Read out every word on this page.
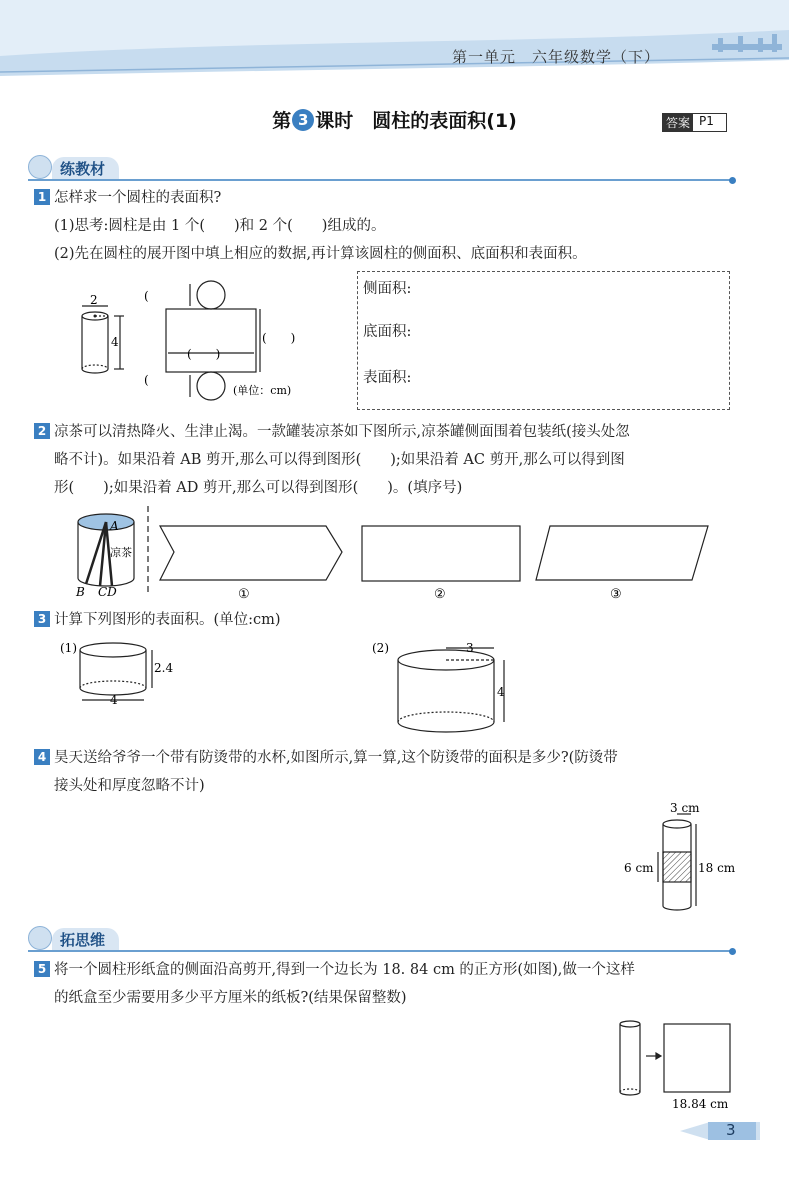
第一单元　六年级数学（下）
第 3 课时　圆柱的表面积(1)	答案 P1
练教材
1 怎样求一个圆柱的表面积?
(1)思考:圆柱是由 1 个(　　)和 2 个(　　)组成的。
(2)先在圆柱的展开图中填上相应的数据,再计算该圆柱的侧面积、底面积和表面积。
2
4
(
(
(　　)
(　　)
(单位：cm)
侧面积:
底面积:
表面积:
2 凉茶可以清热降火、生津止渴。一款罐装凉茶如下图所示,凉茶罐侧面围着包装纸(接头处忽
略不计)。如果沿着 AB 剪开,那么可以得到图形(　　);如果沿着 AC 剪开,那么可以得到图
形(　　);如果沿着 AD 剪开,那么可以得到图形(　　)。(填序号)
A
凉茶
B CD	①	②	③
3 计算下列图形的表面积。(单位:cm)
(1)
2.4
4
(2)	3
4
4 昊天送给爷爷一个带有防烫带的水杯,如图所示,算一算,这个防烫带的面积是多少?(防烫带
接头处和厚度忽略不计)
3 cm
6 cm	18 cm
拓思维
5 将一个圆柱形纸盒的侧面沿高剪开,得到一个边长为 18. 84 cm 的正方形(如图),做一个这样
的纸盒至少需要用多少平方厘米的纸板?(结果保留整数)
18.84 cm
3
